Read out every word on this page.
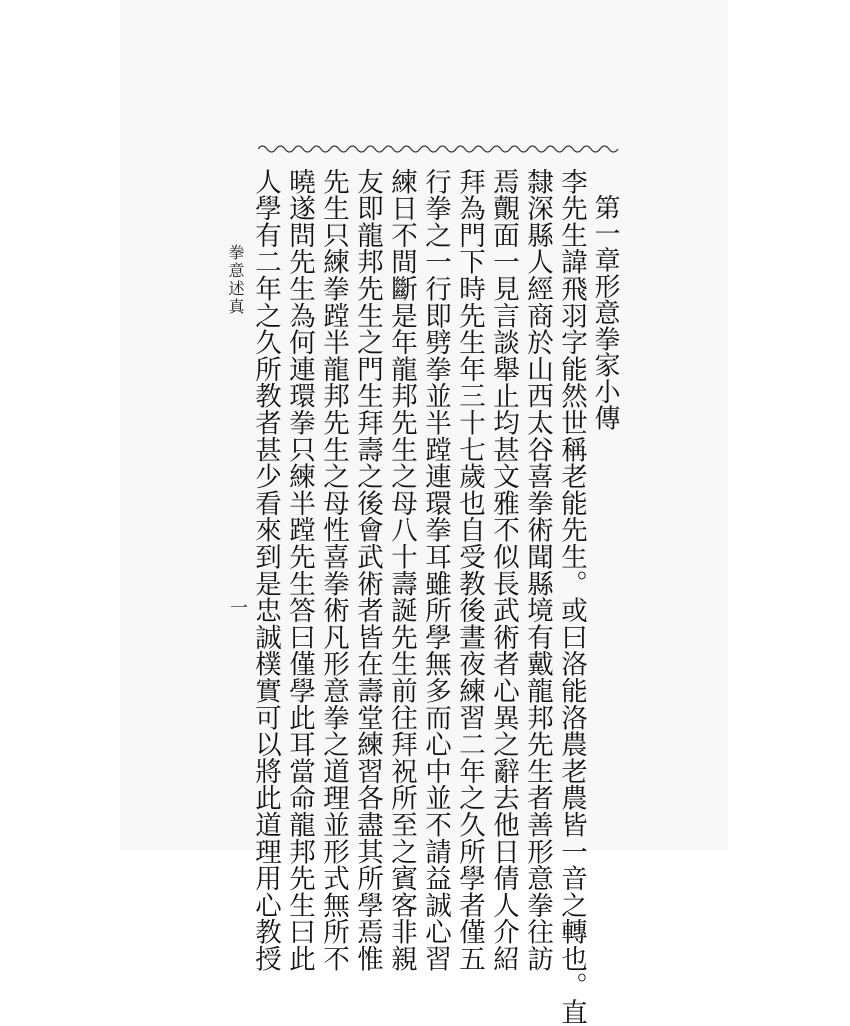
拳意述真
一
第一章形意拳家小傳
李先生諱飛羽字能然世稱老能先生。或曰洛能洛農老農皆一音之轉也。直
隸深縣人經商於山西太谷喜拳術聞縣境有戴龍邦先生者善形意拳往訪
焉覿面一見言談舉止均甚文雅不似長武術者心異之辭去他日倩人介紹
拜為門下時先生年三十七歲也自受教後晝夜練習二年之久所學者僅五
行拳之一行即劈拳並半蹚連環拳耳雖所學無多而心中並不請益誠心習
練日不間斷是年龍邦先生之母八十壽誕先生前往拜祝所至之賓客非親
友即龍邦先生之門生拜壽之後會武術者皆在壽堂練習各盡其所學焉惟
先生只練拳蹚半龍邦先生之母性喜拳術凡形意拳之道理並形式無所不
曉遂問先生為何連環拳只練半蹚先生答曰僅學此耳當命龍邦先生曰此
人學有二年之久所教者甚少看來到是忠誠樸實可以將此道理用心教授
